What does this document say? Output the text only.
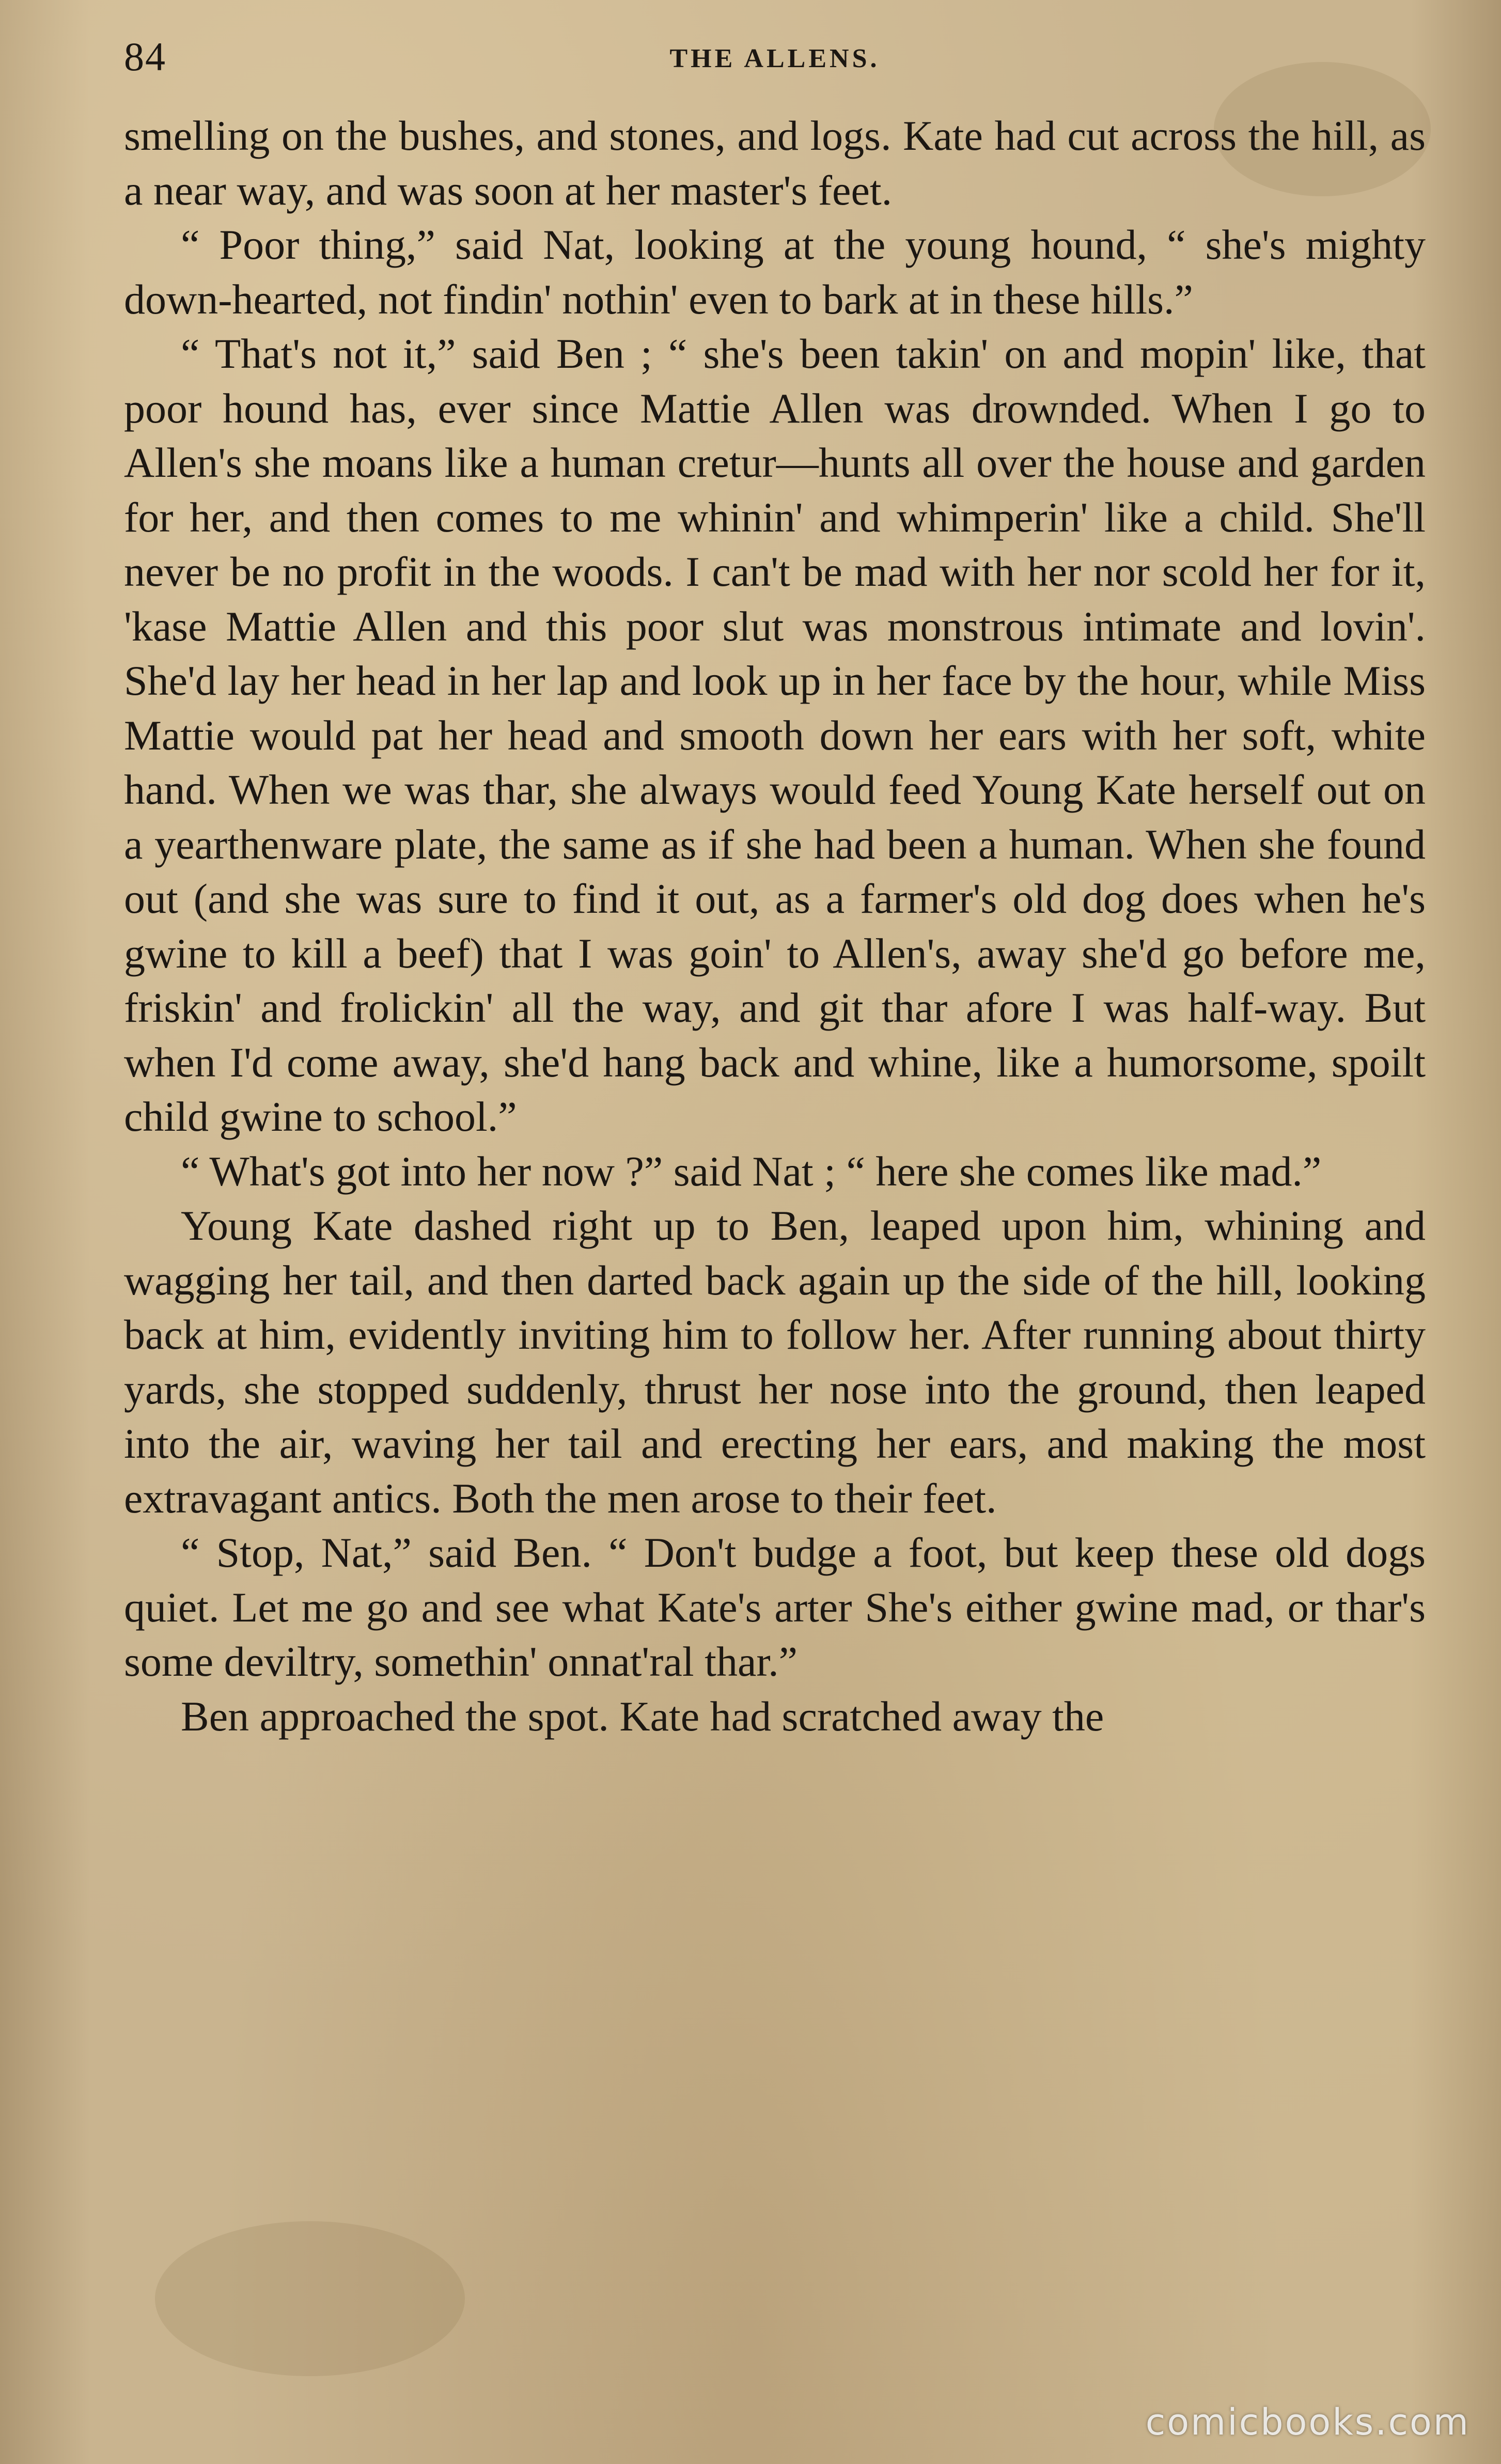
84	THE ALLENS.

smelling on the bushes, and stones, and logs. Kate had cut across the hill, as a near way, and was soon at her master's feet.

“ Poor thing,” said Nat, looking at the young hound, “ she's mighty down-hearted, not findin' nothin' even to bark at in these hills.”

“ That's not it,” said Ben ; “ she's been takin' on and mopin' like, that poor hound has, ever since Mattie Allen was drownded. When I go to Allen's she moans like a human cretur—hunts all over the house and garden for her, and then comes to me whinin' and whimperin' like a child. She'll never be no profit in the woods. I can't be mad with her nor scold her for it, 'kase Mattie Allen and this poor slut was monstrous intimate and lovin'. She'd lay her head in her lap and look up in her face by the hour, while Miss Mattie would pat her head and smooth down her ears with her soft, white hand. When we was thar, she always would feed Young Kate herself out on a yearthenware plate, the same as if she had been a human. When she found out (and she was sure to find it out, as a farmer's old dog does when he's gwine to kill a beef) that I was goin' to Allen's, away she'd go before me, friskin' and frolickin' all the way, and git thar afore I was half-way. But when I'd come away, she'd hang back and whine, like a humorsome, spoilt child gwine to school.”

“ What's got into her now ?” said Nat ; “ here she comes like mad.”

Young Kate dashed right up to Ben, leaped upon him, whining and wagging her tail, and then darted back again up the side of the hill, looking back at him, evidently inviting him to follow her. After running about thirty yards, she stopped suddenly, thrust her nose into the ground, then leaped into the air, waving her tail and erecting her ears, and making the most extravagant antics. Both the men arose to their feet.

“ Stop, Nat,” said Ben. “ Don't budge a foot, but keep these old dogs quiet. Let me go and see what Kate's arter She's either gwine mad, or thar's some deviltry, somethin' onnat'ral thar.”

Ben approached the spot. Kate had scratched away the

comicbooks.com
